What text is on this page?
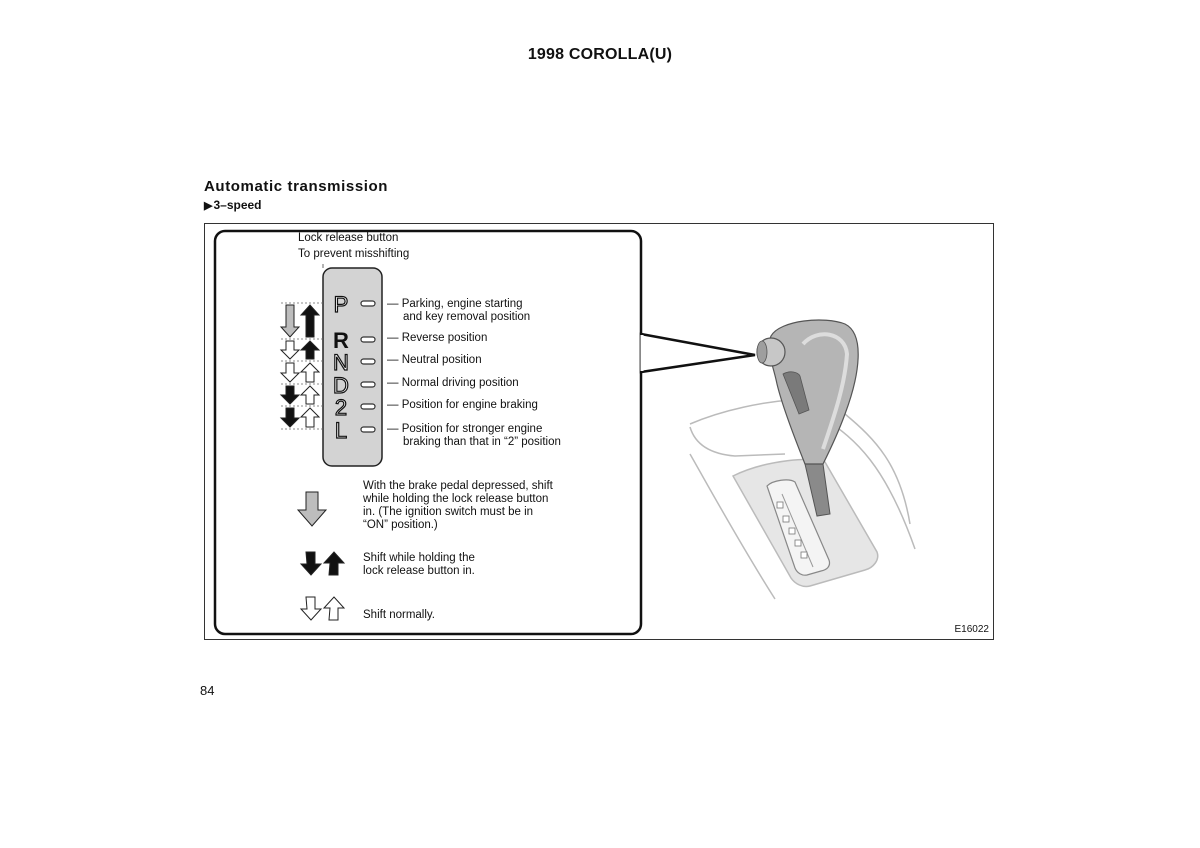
1998 COROLLA(U)
Automatic transmission
▶3–speed
P
R
N
D
2
L
Lock release button
To prevent misshifting
— Parking, engine starting
and key removal position
— Reverse position
— Neutral position
— Normal driving position
— Position for engine braking
— Position for stronger engine
braking than that in “2” position
With the brake pedal depressed, shift
while holding the lock release button
in. (The ignition switch must be in
“ON” position.)
Shift while holding the
lock release button in.
Shift normally.
E16022
84
